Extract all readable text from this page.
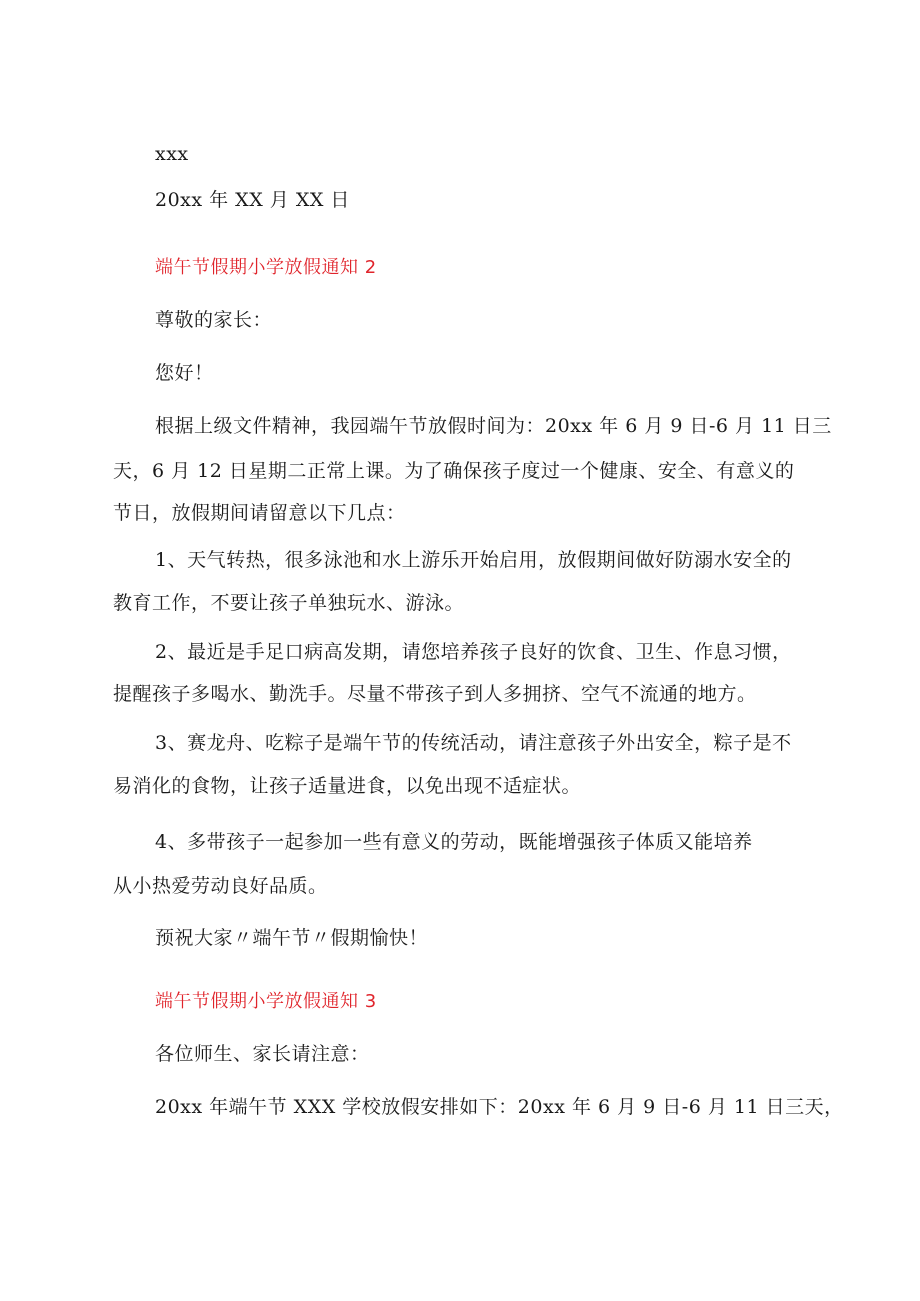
xxx
20xx 年 XX 月 XX 日
端午节假期小学放假通知 2
尊敬的家长：
您好！
根据上级文件精神，我园端午节放假时间为：20xx 年 6 月 9 日-6 月 11 日三
天，6 月 12 日星期二正常上课。为了确保孩子度过一个健康、安全、有意义的
节日，放假期间请留意以下几点：
1、天气转热，很多泳池和水上游乐开始启用，放假期间做好防溺水安全的
教育工作，不要让孩子单独玩水、游泳。
2、最近是手足口病高发期，请您培养孩子良好的饮食、卫生、作息习惯，
提醒孩子多喝水、勤洗手。尽量不带孩子到人多拥挤、空气不流通的地方。
3、赛龙舟、吃粽子是端午节的传统活动，请注意孩子外出安全，粽子是不
易消化的食物，让孩子适量进食，以免出现不适症状。
4、多带孩子一起参加一些有意义的劳动，既能增强孩子体质又能培养
从小热爱劳动良好品质。
预祝大家〃端午节〃假期愉快！
端午节假期小学放假通知 3
各位师生、家长请注意：
20xx 年端午节 XXX 学校放假安排如下：20xx 年 6 月 9 日-6 月 11 日三天，
